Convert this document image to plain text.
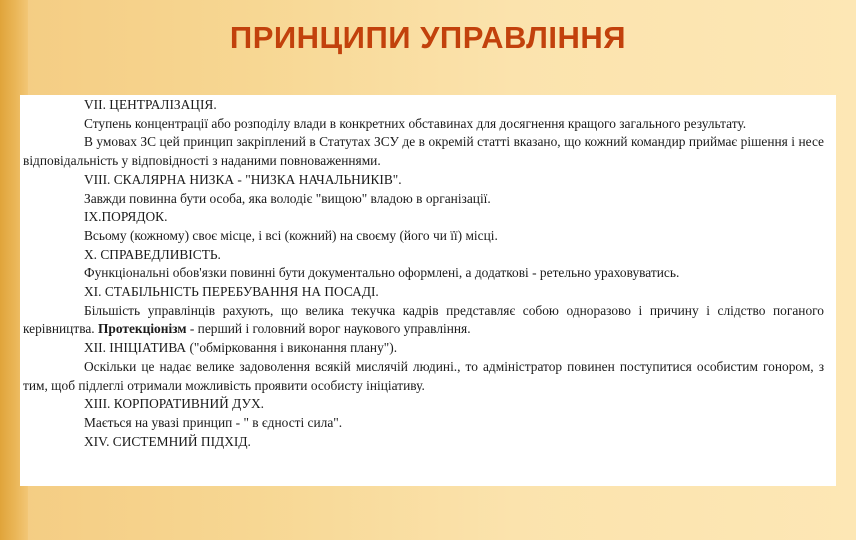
ПРИНЦИПИ УПРАВЛІННЯ
VII. ЦЕНТРАЛІЗАЦІЯ.
Ступень концентрації або розподілу влади в конкретних обставинах для досягнення кращого загального результату.
В умовах ЗС цей принцип закріплений в Статутах ЗСУ де в окремій статті вказано, що кожний командир приймає рішення і несе відповідальність у відповідності з наданими повноваженнями.
VIII. СКАЛЯРНА НИЗКА - "НИЗКА НАЧАЛЬНИКІВ".
Завжди повинна бути особа, яка володіє "вищою" владою в організації.
IX.ПОРЯДОК.
Всьому (кожному) своє місце, і всі (кожний) на своєму (його чи її) місці.
X. СПРАВЕДЛИВІСТЬ.
Функціональні обов'язки повинні бути документально оформлені, а додаткові - ретельно ураховуватись.
XI. СТАБІЛЬНІСТЬ ПЕРЕБУВАННЯ НА ПОСАДІ.
Більшість управлінців рахують, що велика текучка кадрів представляє собою одноразово і причину і слідство поганого керівництва. Протекціонізм - перший і головний ворог наукового управління.
XII. ІНІЦІАТИВА ("обмірковання і виконання плану").
Оскільки це надає велике задоволення всякій мислячій людині., то адміністратор повинен поступитися особистим гонором, з тим, щоб підлеглі отримали можливість проявити особисту ініціативу.
XIII. КОРПОРАТИВНИЙ ДУХ.
Мається на увазі принцип - " в єдності сила".
XIV. СИСТЕМНИЙ ПІДХІД.
